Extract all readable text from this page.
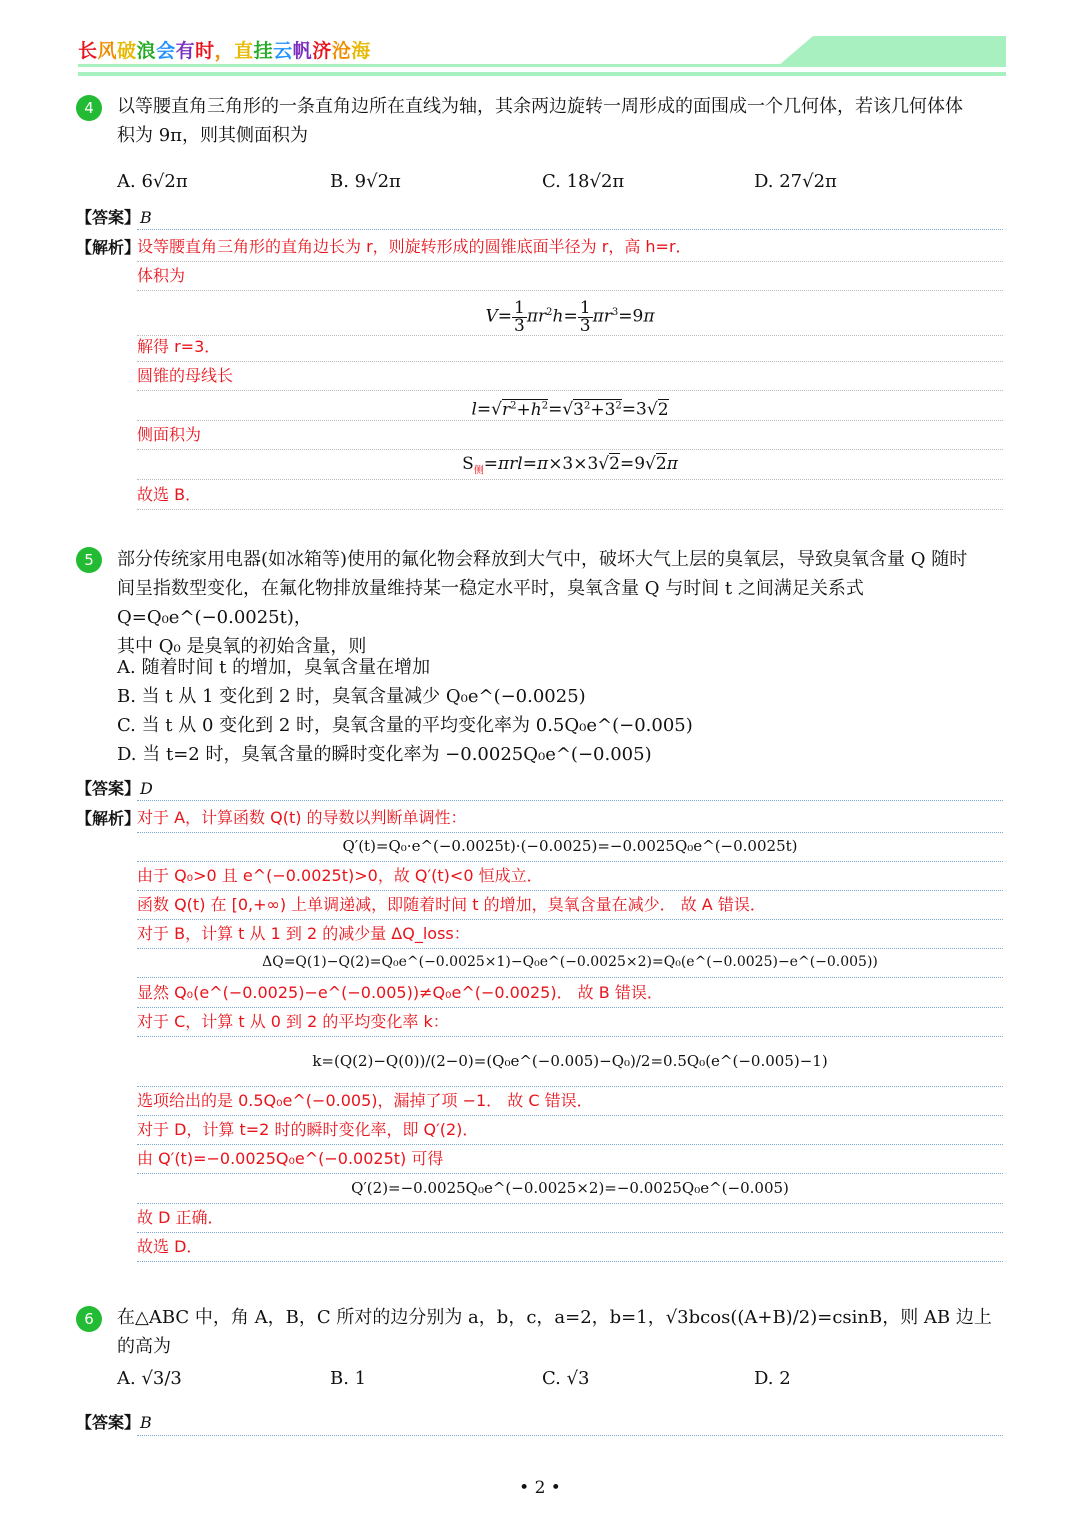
长风破浪会有时，直挂云帆济沧海
4	以等腰直角三角形的一条直角边所在直线为轴，其余两边旋转一周形成的面围成一个几何体，若该几何体体
积为 9π，则其侧面积为
A. 6√2π	B. 9√2π	C. 18√2π	D. 27√2π
【答案】B
【解析】
设等腰直角三角形的直角边长为 r，则旋转形成的圆锥底面半径为 r，高 h=r．
体积为
$V= \frac{1}{3} \pi r^2h= \frac{1}{3} \pi r^3=9\pi$
解得 r=3．
圆锥的母线长
$l=√r^2+h^2=√3^2+3^2=3√2$
侧面积为
$S_侧=\pi rl=\pi\times 3\times 3√2=9√2\pi$
故选 B．
5	部分传统家用电器(如冰箱等)使用的氟化物会释放到大气中，破坏大气上层的臭氧层，导致臭氧含量 Q 随时
间呈指数型变化，在氟化物排放量维持某一稳定水平时，臭氧含量 Q 与时间 t 之间满足关系式 Q=Q₀e^(−0.0025t)，
其中 Q₀ 是臭氧的初始含量，则
A. 随着时间 t 的增加，臭氧含量在增加
B. 当 t 从 1 变化到 2 时，臭氧含量减少 Q₀e^(−0.0025)
C. 当 t 从 0 变化到 2 时，臭氧含量的平均变化率为 0.5Q₀e^(−0.005)
D. 当 t=2 时，臭氧含量的瞬时变化率为 −0.0025Q₀e^(−0.005)
【答案】D
【解析】
对于 A，计算函数 Q(t) 的导数以判断单调性：
Q′(t)=Q₀·e^(−0.0025t)·(−0.0025)=−0.0025Q₀e^(−0.0025t)
由于 Q₀>0 且 e^(−0.0025t)>0，故 Q′(t)<0 恒成立．
函数 Q(t) 在 [0,+∞) 上单调递减，即随着时间 t 的增加，臭氧含量在减少． 故 A 错误．
对于 B，计算 t 从 1 到 2 的减少量 ΔQ_loss：
ΔQ=Q(1)−Q(2)=Q₀e^(−0.0025×1)−Q₀e^(−0.0025×2)=Q₀(e^(−0.0025)−e^(−0.005))
显然 Q₀(e^(−0.0025)−e^(−0.005))≠Q₀e^(−0.0025)． 故 B 错误．
对于 C，计算 t 从 0 到 2 的平均变化率 k：
k=(Q(2)−Q(0))/(2−0)=(Q₀e^(−0.005)−Q₀)/2=0.5Q₀(e^(−0.005)−1)
选项给出的是 0.5Q₀e^(−0.005)，漏掉了项 −1． 故 C 错误．
对于 D，计算 t=2 时的瞬时变化率，即 Q′(2)．
由 Q′(t)=−0.0025Q₀e^(−0.0025t) 可得
Q′(2)=−0.0025Q₀e^(−0.0025×2)=−0.0025Q₀e^(−0.005)
故 D 正确．
故选 D．
6	在△ABC 中，角 A，B，C 所对的边分别为 a，b，c，a=2，b=1，√3bcos((A+B)/2)=csinB，则 AB 边上的高为
A. √3/3	B. 1	C. √3	D. 2
【答案】B
• 2 •
